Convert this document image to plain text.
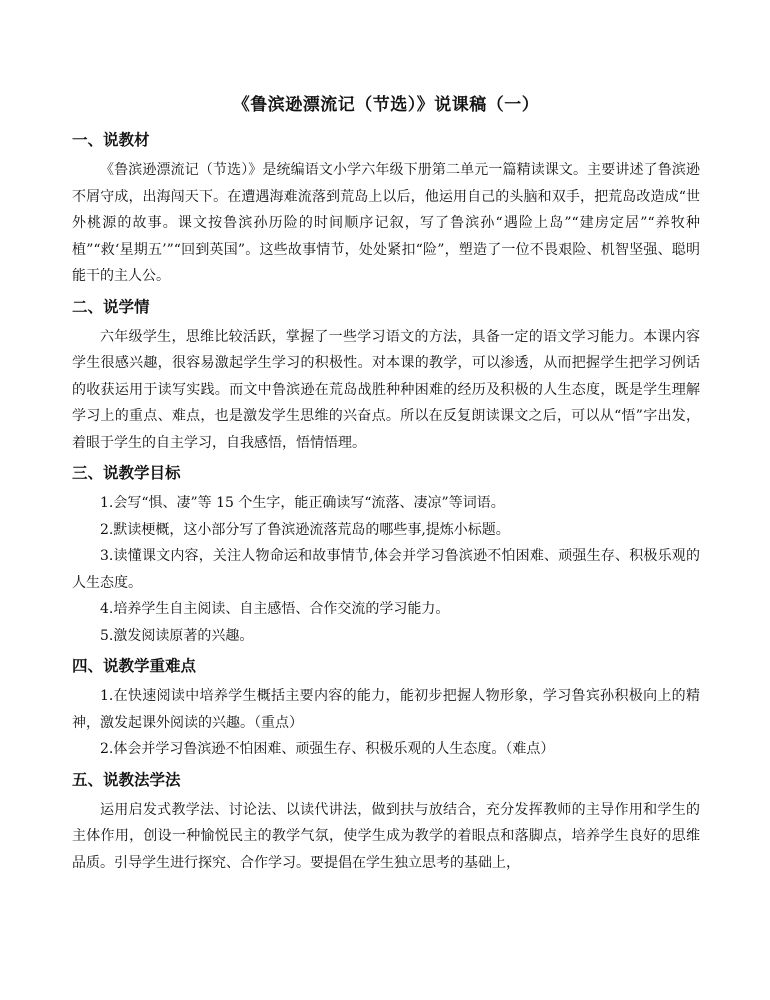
《鲁滨逊漂流记（节选）》说课稿（一）
一、说教材

《鲁滨逊漂流记（节选）》是统编语文小学六年级下册第二单元一篇精读课文。主要讲述了鲁滨逊不屑守成，出海闯天下。在遭遇海难流落到荒岛上以后，他运用自己的头脑和双手，把荒岛改造成“世外桃源的故事。课文按鲁滨孙历险的时间顺序记叙，写了鲁滨孙“遇险上岛”“建房定居”“养牧种植”“救‘星期五’”“回到英国”。这些故事情节，处处紧扣“险”，塑造了一位不畏艰险、机智坚强、聪明能干的主人公。

二、说学情

六年级学生，思维比较活跃，掌握了一些学习语文的方法，具备一定的语文学习能力。本课内容学生很感兴趣，很容易激起学生学习的积极性。对本课的教学，可以渗透，从而把握学生把学习例话的收获运用于读写实践。而文中鲁滨逊在荒岛战胜种种困难的经历及积极的人生态度，既是学生理解学习上的重点、难点，也是激发学生思维的兴奋点。所以在反复朗读课文之后，可以从“悟”字出发，着眼于学生的自主学习，自我感悟，悟情悟理。

三、说教学目标
1.会写“惧、凄”等 15 个生字，能正确读写“流落、凄凉”等词语。
2.默读梗概，这小部分写了鲁滨逊流落荒岛的哪些事,提炼小标题。
3.读懂课文内容，关注人物命运和故事情节,体会并学习鲁滨逊不怕困难、顽强生存、积极乐观的人生态度。
4.培养学生自主阅读、自主感悟、合作交流的学习能力。
5.激发阅读原著的兴趣。
四、说教学重难点
1.在快速阅读中培养学生概括主要内容的能力，能初步把握人物形象，学习鲁宾孙积极向上的精神，激发起课外阅读的兴趣。（重点）
2.体会并学习鲁滨逊不怕困难、顽强生存、积极乐观的人生态度。（难点）
五、说教法学法

运用启发式教学法、讨论法、以读代讲法，做到扶与放结合，充分发挥教师的主导作用和学生的主体作用，创设一种愉悦民主的教学气氛，使学生成为教学的着眼点和落脚点，培养学生良好的思维品质。引导学生进行探究、合作学习。要提倡在学生独立思考的基础上，
